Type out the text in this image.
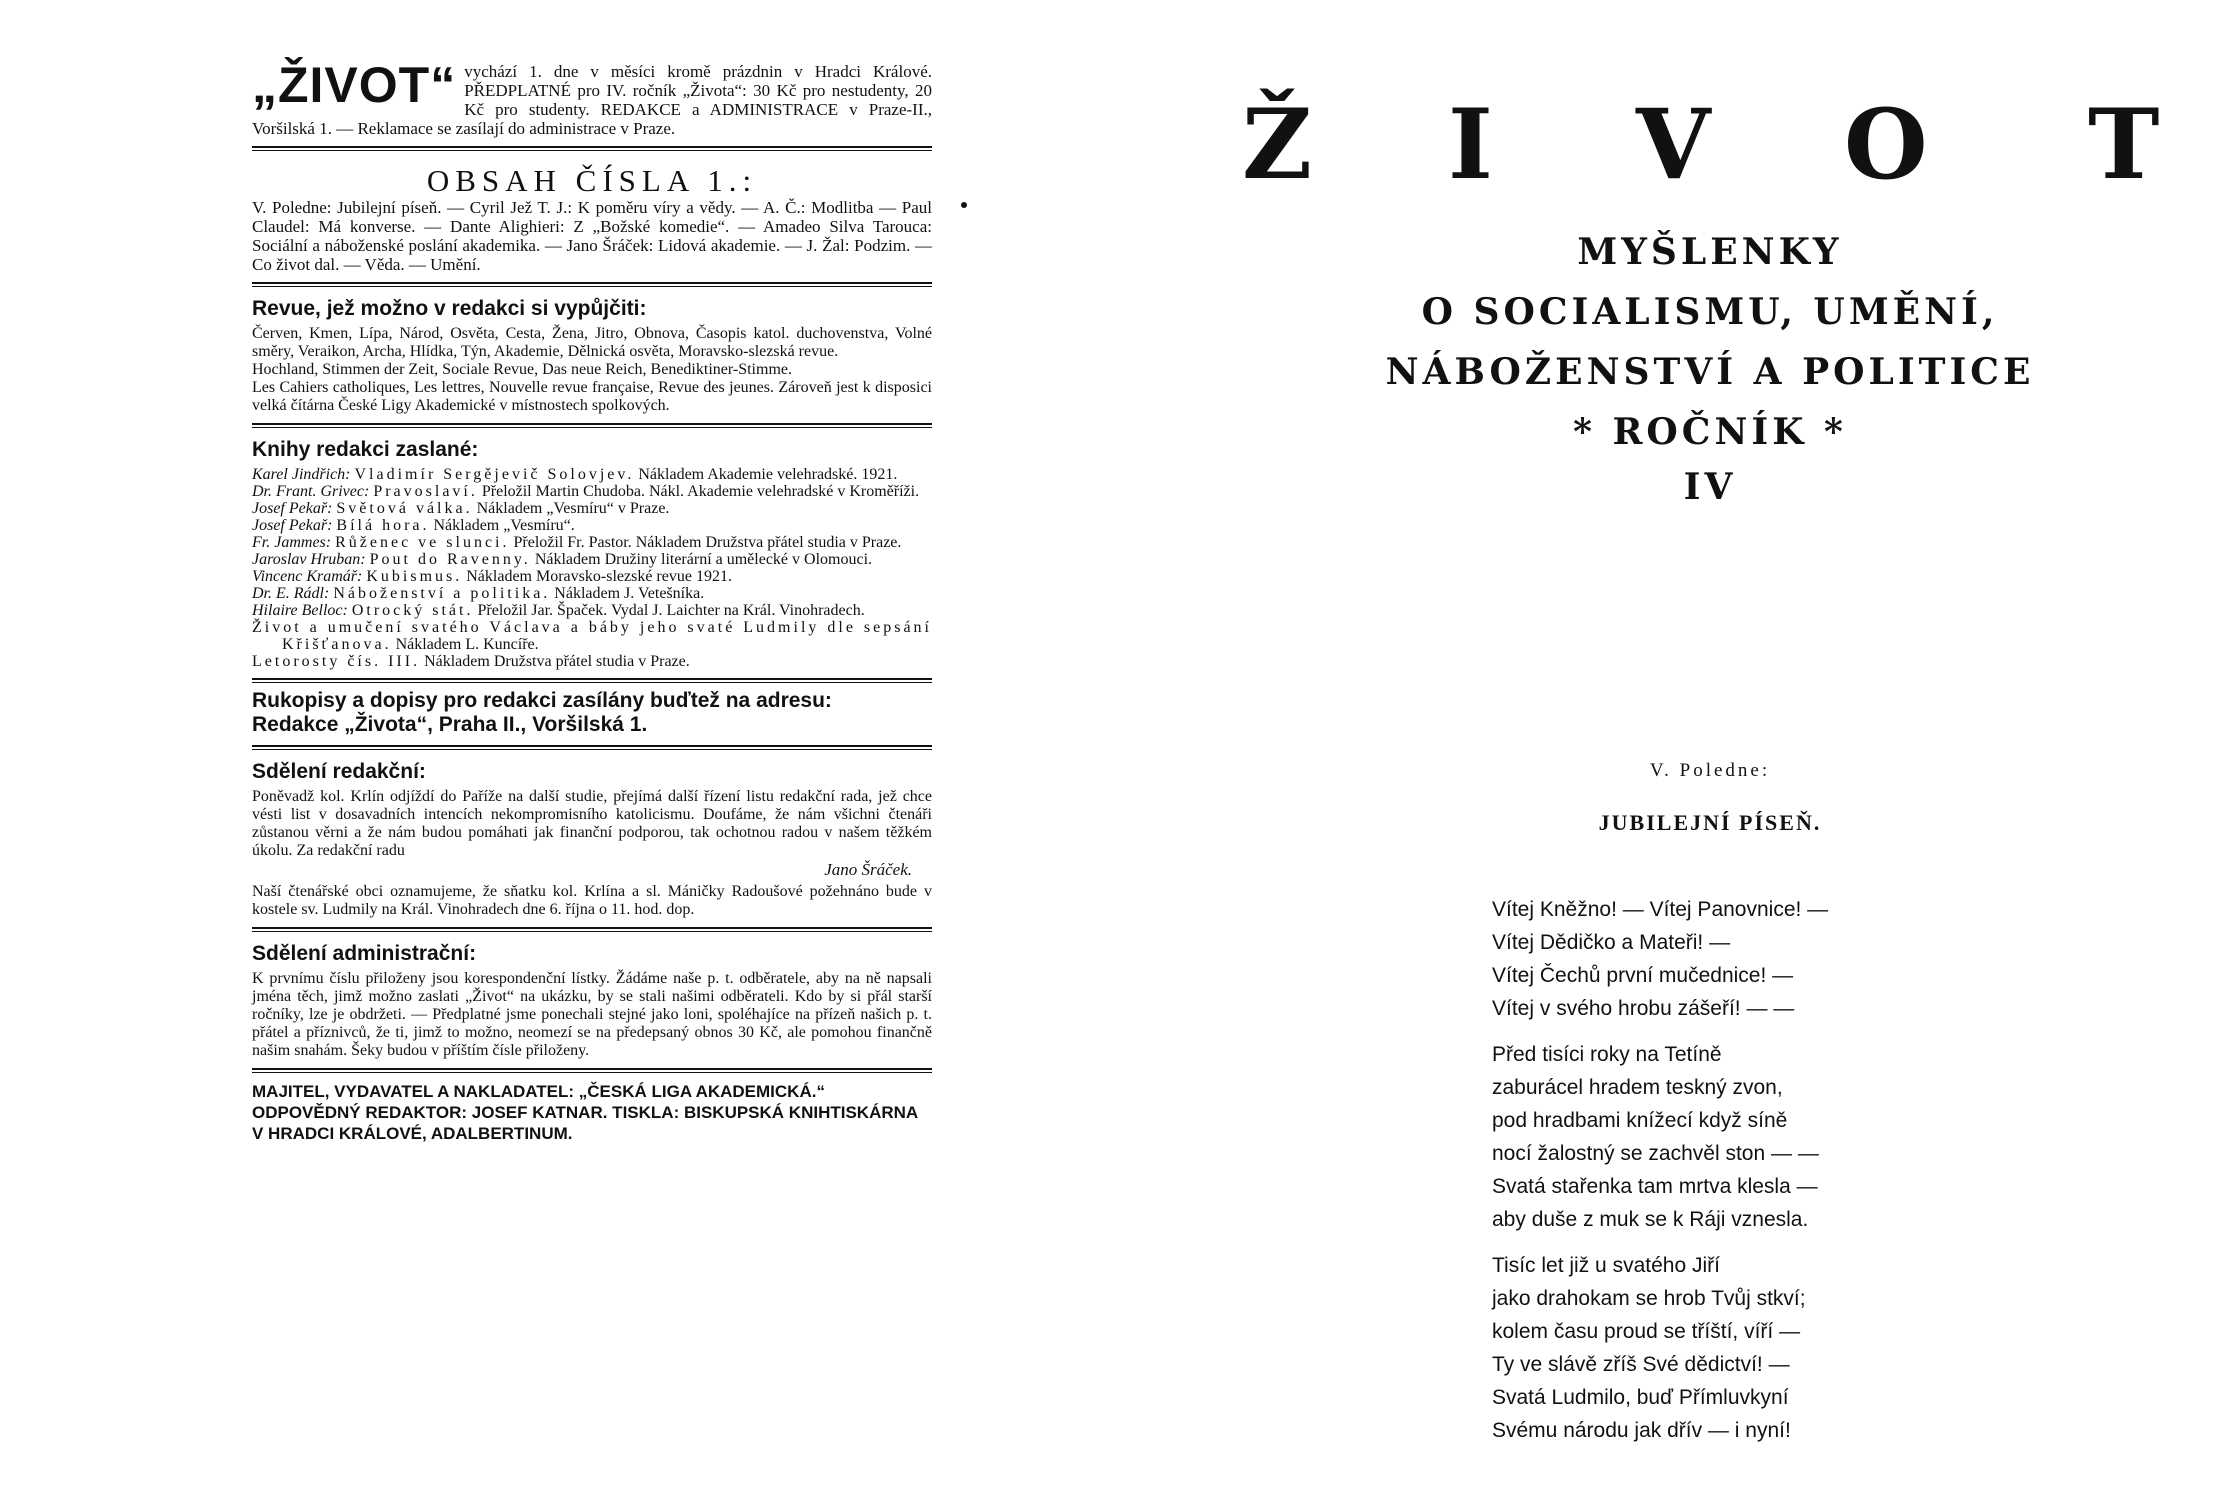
„ŽIVOT“ vychází 1. dne v měsíci kromě prázdnin v Hradci Králové. PŘEDPLATNÉ pro IV. ročník „Života“: 30 Kč pro nestudenty, 20 Kč pro studenty. REDAKCE a ADMINISTRACE v Praze-II., Voršilská 1. — Reklamace se zasílají do administrace v Praze.
OBSAH ČÍSLA 1.:
V. Poledne: Jubilejní píseň. — Cyril Jež T. J.: K poměru víry a vědy. — A. Č.: Modlitba — Paul Claudel: Má konverse. — Dante Alighieri: Z „Božské komedie“. — Amadeo Silva Tarouca: Sociální a náboženské poslání akademika. — Jano Šráček: Lidová akademie. — J. Žal: Podzim. — Co život dal. — Věda. — Umění.
Revue, jež možno v redakci si vypůjčiti:

Červen, Kmen, Lípa, Národ, Osvěta, Cesta, Žena, Jitro, Obnova, Časopis katol. duchovenstva, Volné směry, Veraikon, Archa, Hlídka, Týn, Akademie, Dělnická osvěta, Moravsko-slezská revue.

Hochland, Stimmen der Zeit, Sociale Revue, Das neue Reich, Benediktiner-Stimme.

Les Cahiers catholiques, Les lettres, Nouvelle revue française, Revue des jeunes. Zároveň jest k disposici velká čítárna České Ligy Akademické v místnostech spolkových.

Knihy redakci zaslané:
Karel Jindřich: Vladimír Sergějevič Solovjev. Nákladem Akademie velehradské. 1921.
Dr. Frant. Grivec: Pravoslaví. Přeložil Martin Chudoba. Nákl. Akademie velehradské v Kroměříži.
Josef Pekař: Světová válka. Nákladem „Vesmíru“ v Praze.
Josef Pekař: Bílá hora. Nákladem „Vesmíru“.
Fr. Jammes: Růženec ve slunci. Přeložil Fr. Pastor. Nákladem Družstva přátel studia v Praze.
Jaroslav Hruban: Pout do Ravenny. Nákladem Družiny literární a umělecké v Olomouci.
Vincenc Kramář: Kubismus. Nákladem Moravsko-slezské revue 1921.
Dr. E. Rádl: Náboženství a politika. Nákladem J. Vetešníka.
Hilaire Belloc: Otrocký stát. Přeložil Jar. Špaček. Vydal J. Laichter na Král. Vinohradech.
Život a umučení svatého Václava a báby jeho svaté Ludmily dle sepsání Křišťanova. Nákladem L. Kuncíře.
Letorosty čís. III. Nákladem Družstva přátel studia v Praze.
Rukopisy a dopisy pro redakci zasílány buďtež na adresu:
Redakce „Života“, Praha II., Voršilská 1.
Sdělení redakční:

Poněvadž kol. Krlín odjíždí do Paříže na další studie, přejímá další řízení listu redakční rada, jež chce vésti list v dosavadních intencích nekompromisního katolicismu. Doufáme, že nám všichni čtenáři zůstanou věrni a že nám budou pomáhati jak finanční podporou, tak ochotnou radou v našem těžkém úkolu. Za redakční radu

Jano Šráček.

Naší čtenářské obci oznamujeme, že sňatku kol. Krlína a sl. Máničky Radoušové požehnáno bude v kostele sv. Ludmily na Král. Vinohradech dne 6. října o 11. hod. dop.

Sdělení administrační:

K prvnímu číslu přiloženy jsou korespondenční lístky. Žádáme naše p. t. odběratele, aby na ně napsali jména těch, jimž možno zaslati „Život“ na ukázku, by se stali našimi odběrateli. Kdo by si přál starší ročníky, lze je obdržeti. — Předplatné jsme ponechali stejné jako loni, spoléhajíce na přízeň našich p. t. přátel a příznivců, že ti, jimž to možno, neomezí se na předepsaný obnos 30 Kč, ale pomohou finančně našim snahám. Šeky budou v příštím čísle přiloženy.

MAJITEL, VYDAVATEL A NAKLADATEL: „ČESKÁ LIGA AKADEMICKÁ.“ ODPOVĚDNÝ REDAKTOR: JOSEF KATNAR. TISKLA: BISKUPSKÁ KNIHTISKÁRNA V HRADCI KRÁLOVÉ, ADALBERTINUM.
Ž I V O T
MYŠLENKY
O SOCIALISMU, UMĚNÍ,
NÁBOŽENSTVÍ A POLITICE
* ROČNÍK *
IV
V. Poledne:
JUBILEJNÍ PÍSEŇ.
Vítej Kněžno! — Vítej Panovnice! —
Vítej Dědičko a Mateři! —
Vítej Čechů první mučednice! —
Vítej v svého hrobu zášeří! — —
Před tisíci roky na Tetíně
zaburácel hradem teskný zvon,
pod hradbami knížecí když síně
nocí žalostný se zachvěl ston — —
Svatá stařenka tam mrtva klesla —
aby duše z muk se k Ráji vznesla.
Tisíc let již u svatého Jiří
jako drahokam se hrob Tvůj stkví;
kolem času proud se tříští, víří —
Ty ve slávě zříš Své dědictví! —
Svatá Ludmilo, buď Přímluvkyní
Svému národu jak dřív — i nyní!
